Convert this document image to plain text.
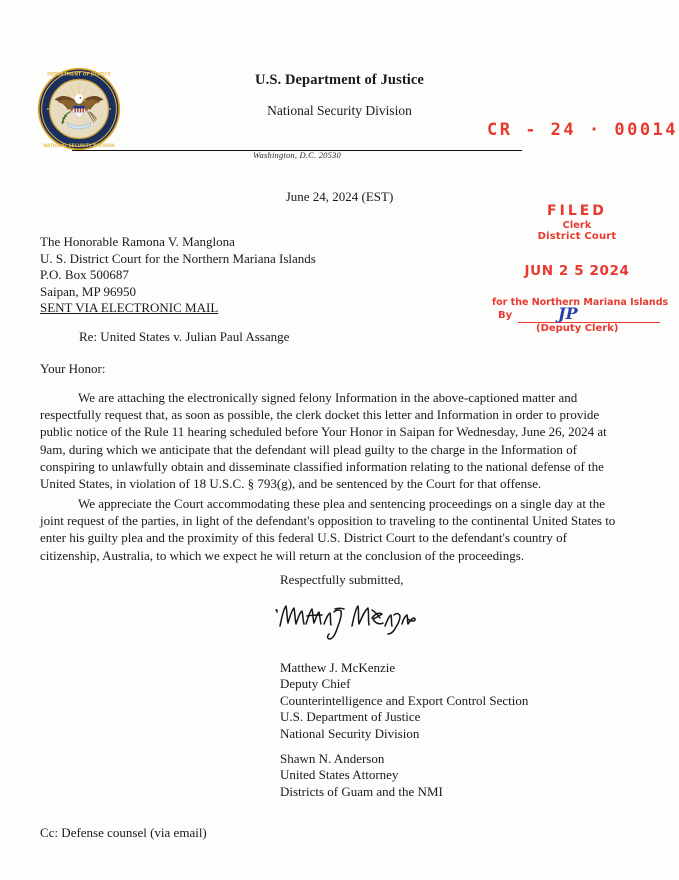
DEPARTMENT OF JUSTICE
NATIONAL SECURITY DIVISION
U.S. Department of Justice
National Security Division
Washington, D.C. 20530
CR - 24 · 00014
FILED
Clerk
District Court
JUN 2 5 2024
for the Northern Mariana Islands
By	JP
(Deputy Clerk)
June 24, 2024 (EST)
The Honorable Ramona V. Manglona
U. S. District Court for the Northern Mariana Islands
P.O. Box 500687
Saipan, MP 96950
SENT VIA ELECTRONIC MAIL
Re: United States v. Julian Paul Assange
Your Honor:
We are attaching the electronically signed felony Information in the above-captioned matter and respectfully request that, as soon as possible, the clerk docket this letter and Information in order to provide public notice of the Rule 11 hearing scheduled before Your Honor in Saipan for Wednesday, June 26, 2024 at 9am, during which we anticipate that the defendant will plead guilty to the charge in the Information of conspiring to unlawfully obtain and disseminate classified information relating to the national defense of the United States, in violation of 18 U.S.C. § 793(g), and be sentenced by the Court for that offense.
We appreciate the Court accommodating these plea and sentencing proceedings on a single day at the joint request of the parties, in light of the defendant's opposition to traveling to the continental United States to enter his guilty plea and the proximity of this federal U.S. District Court to the defendant's country of citizenship, Australia, to which we expect he will return at the conclusion of the proceedings.
Respectfully submitted,
Matthew J. McKenzie
Deputy Chief
Counterintelligence and Export Control Section
U.S. Department of Justice
National Security Division
Shawn N. Anderson
United States Attorney
Districts of Guam and the NMI
Cc: Defense counsel (via email)
